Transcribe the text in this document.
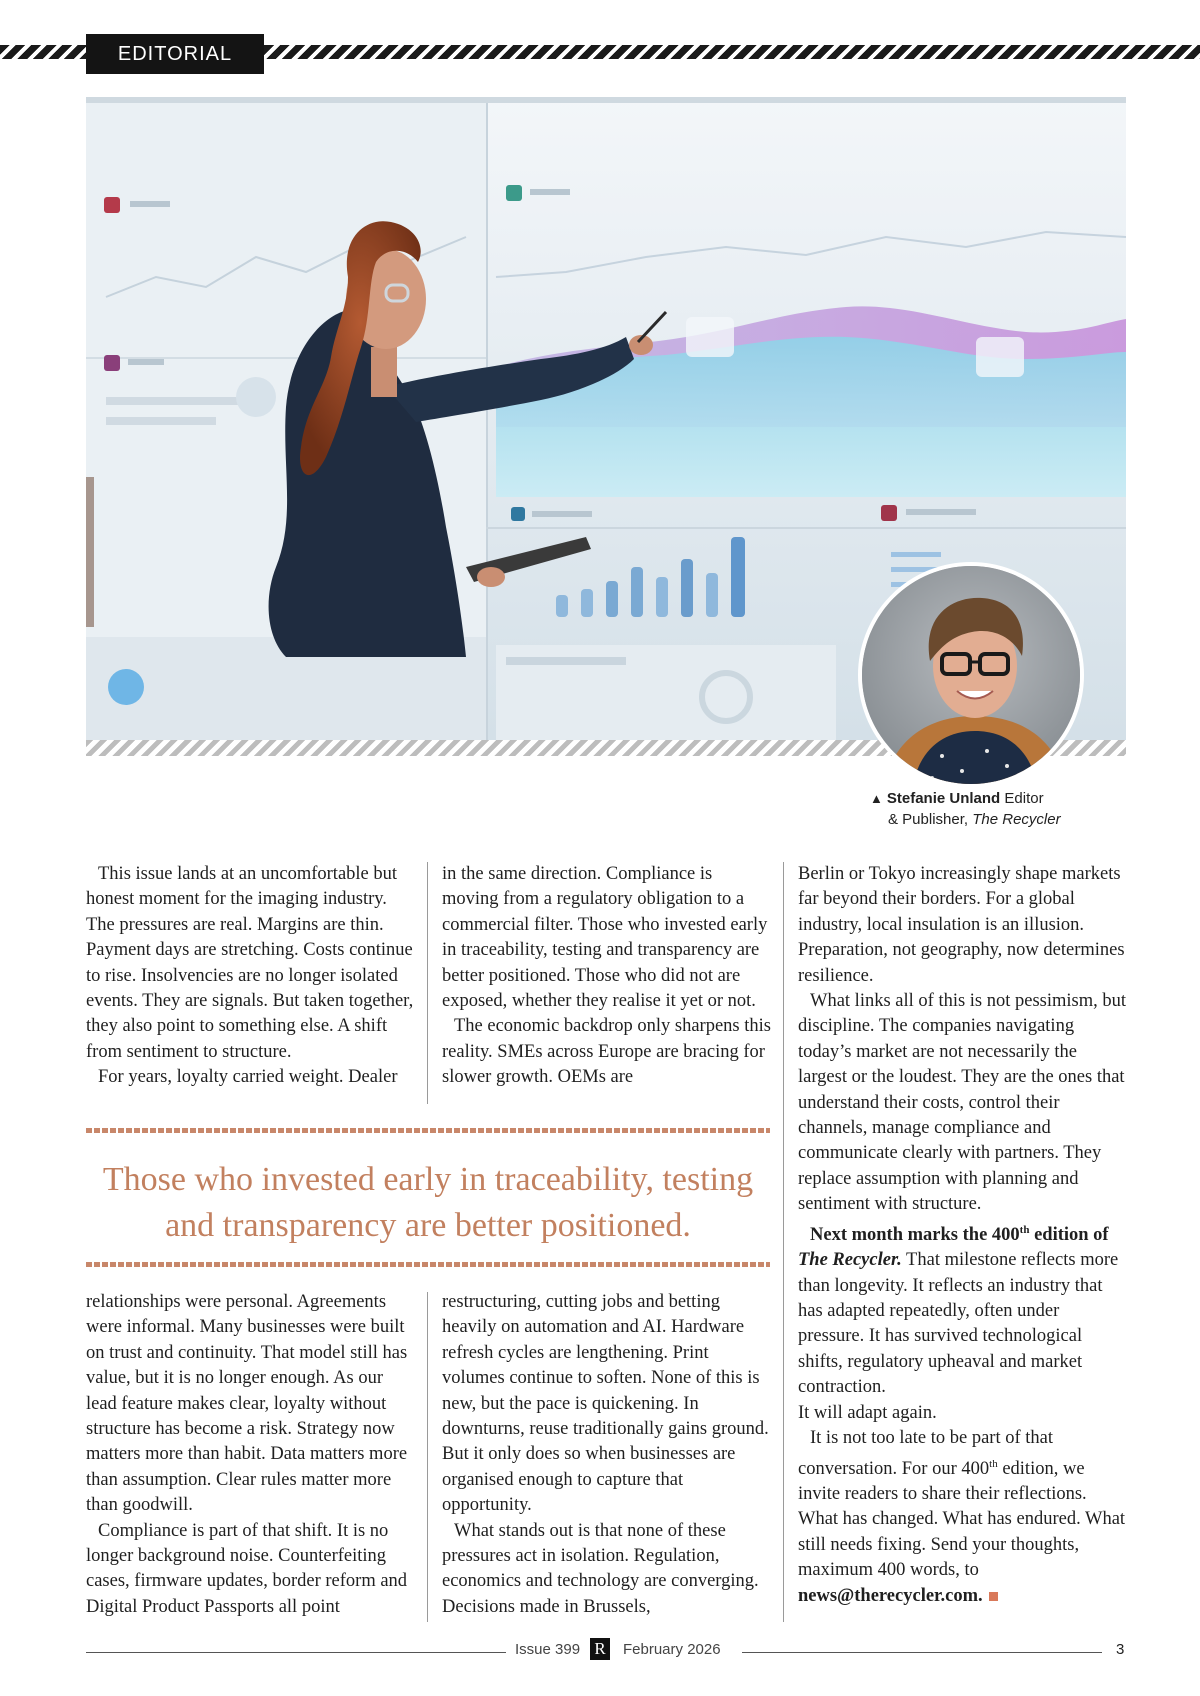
EDITORIAL
▲ Stefanie Unland Editor
& Publisher, The Recycler

This issue lands at an uncomfortable but honest moment for the imaging industry. The pressures are real. Margins are thin. Payment days are stretching. Costs continue to rise. Insolvencies are no longer isolated events. They are signals. But taken together, they also point to something else. A shift from sentiment to structure.

For years, loyalty carried weight. Dealer

in the same direction. Compliance is moving from a regulatory obligation to a commercial filter. Those who invested early in traceability, testing and transparency are better positioned. Those who did not are exposed, whether they realise it yet or not.

The economic backdrop only sharpens this reality. SMEs across Europe are bracing for slower growth. OEMs are

Those who invested early in traceability, testing and transparency are better positioned.

relationships were personal. Agreements were informal. Many businesses were built on trust and continuity. That model still has value, but it is no longer enough. As our lead feature makes clear, loyalty without structure has become a risk. Strategy now matters more than habit. Data matters more than assumption. Clear rules matter more than goodwill.

Compliance is part of that shift. It is no longer background noise. Counterfeiting cases, firmware updates, border reform and Digital Product Passports all point

restructuring, cutting jobs and betting heavily on automation and AI. Hardware refresh cycles are lengthening. Print volumes continue to soften. None of this is new, but the pace is quickening. In downturns, reuse traditionally gains ground. But it only does so when businesses are organised enough to capture that opportunity.

What stands out is that none of these pressures act in isolation. Regulation, economics and technology are converging. Decisions made in Brussels,

Berlin or Tokyo increasingly shape markets far beyond their borders. For a global industry, local insulation is an illusion. Preparation, not geography, now determines resilience.

What links all of this is not pessimism, but discipline. The companies navigating today’s market are not necessarily the largest or the loudest. They are the ones that understand their costs, control their channels, manage compliance and communicate clearly with partners. They replace assumption with planning and sentiment with structure.

Next month marks the 400th edition of The Recycler. That milestone reflects more than longevity. It reflects an industry that has adapted repeatedly, often under pressure. It has survived technological shifts, regulatory upheaval and market contraction.
It will adapt again.

It is not too late to be part of that conversation. For our 400th edition, we invite readers to share their reflections. What has changed. What has endured. What still needs fixing. Send your thoughts, maximum 400 words, to news@therecycler.com.

Issue 399 R February 2026	3
